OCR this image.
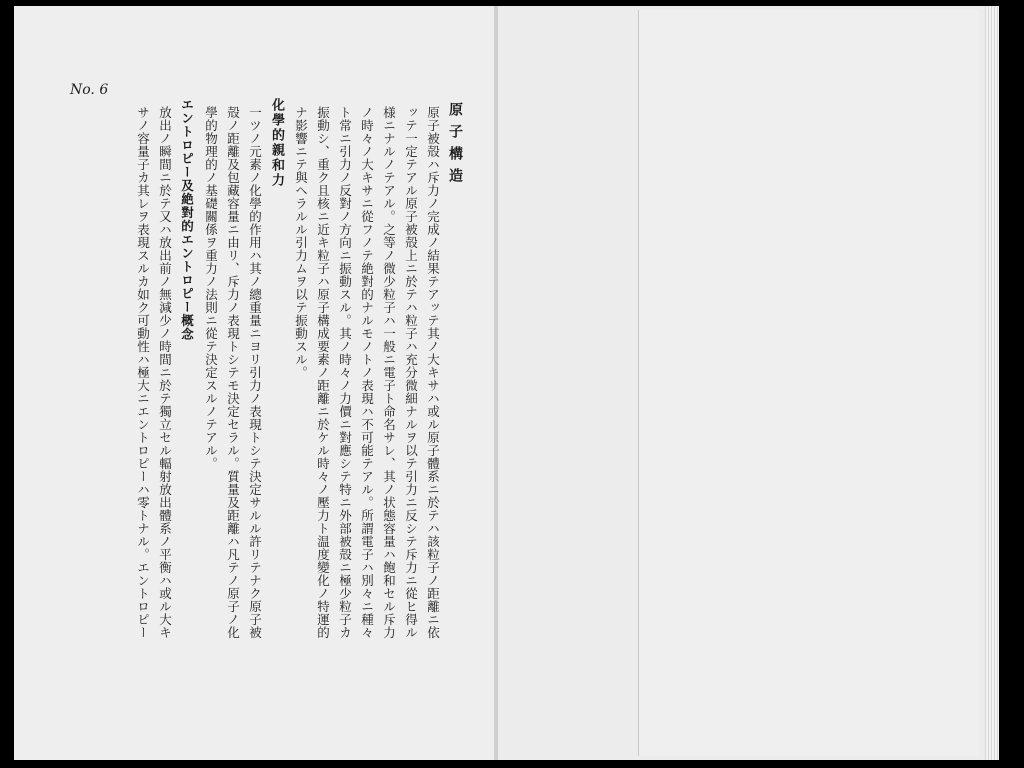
No. 6
原子構造
原子被殻ハ斥力ノ完成ノ結果テアッテ其ノ大キサハ或ル原子體系ニ於テハ該粒子ノ距離ニ依
ッテ一定テアル原子被殻上ニ於テハ粒子ハ充分微細ナルヲ以テ引力ニ反シテ斥力ニ從ヒ得ル
様ニナルノテアル。之等ノ微少粒子ハ一般ニ電子ト命名サレ、其ノ状態容量ハ飽和セル斥力
ノ時々ノ大キサニ從フノテ絶對的ナルモノトノ表現ハ不可能テアル。所謂電子ハ別々ニ種々
ト常ニ引力ノ反對ノ方向ニ振動スル。其ノ時々ノ力價ニ對應シテ特ニ外部被殻ニ極少粒子カ
振動シ、重ク且核ニ近キ粒子ハ原子構成要素ノ距離ニ於ケル時々ノ壓力ト温度變化ノ特運的
ナ影響ニテ與ヘラルル引力ムヲ以テ振動スル。
化學的親和力
一ツノ元素ノ化學的作用ハ其ノ總重量ニヨリ引力ノ表現トシテ決定サルル許リテナク原子被
殻ノ距離及包藏容量ニ由リ、斥力ノ表現トシテモ決定セラル。質量及距離ハ凡テノ原子ノ化
學的物理的ノ基礎關係ヲ重力ノ法則ニ從テ決定スルノテアル。
エントロピー及絶對的エントロピー概念
放出ノ瞬間ニ於テ又ハ放出前ノ無減少ノ時間ニ於テ獨立セル輻射放出體系ノ平衡ハ或ル大キ
サノ容量子カ其レヲ表現スルカ如ク可動性ハ極大ニエントロピーハ零トナル。エントロピー
